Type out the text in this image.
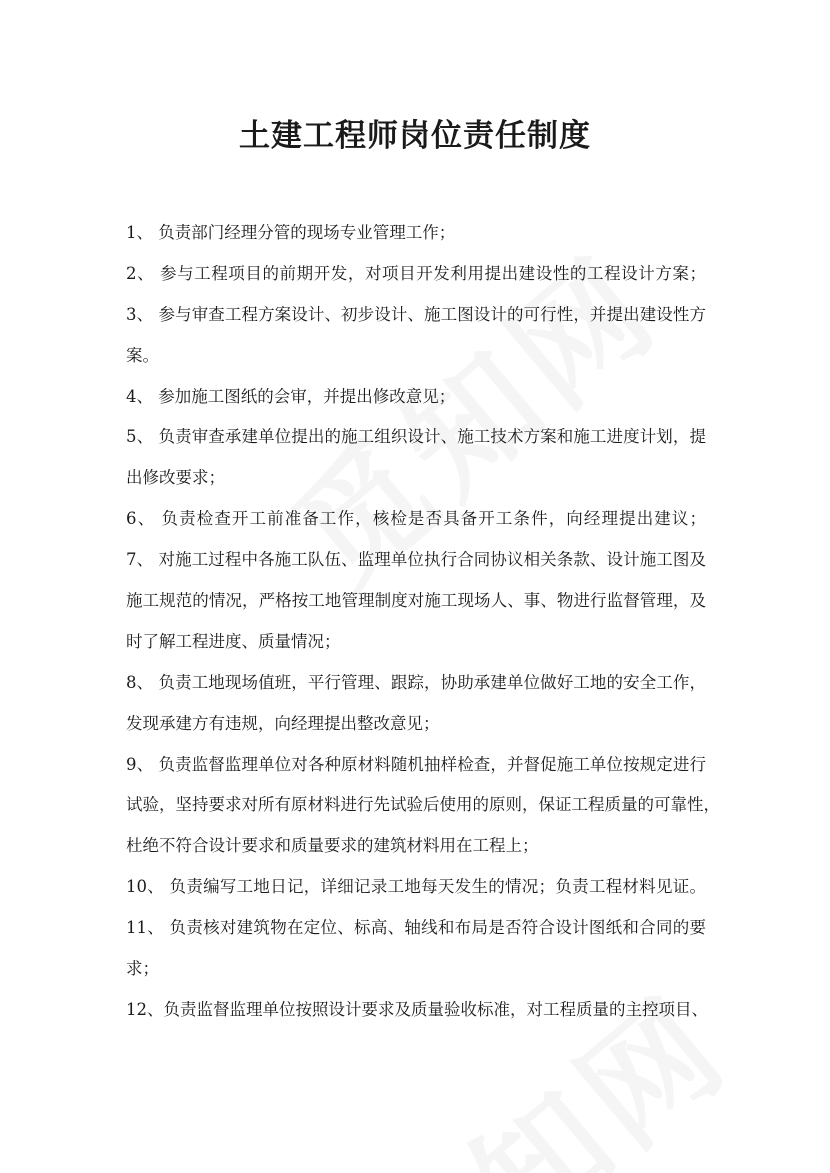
土建工程师岗位责任制度
1、 负责部门经理分管的现场专业管理工作；
2、 参与工程项目的前期开发，对项目开发利用提出建设性的工程设计方案；
3、 参与审查工程方案设计、初步设计、施工图设计的可行性，并提出建设性方
案。
4、 参加施工图纸的会审，并提出修改意见；
5、 负责审查承建单位提出的施工组织设计、施工技术方案和施工进度计划，提
出修改要求；
6、 负责检查开工前准备工作，核检是否具备开工条件，向经理提出建议；
7、 对施工过程中各施工队伍、监理单位执行合同协议相关条款、设计施工图及
施工规范的情况，严格按工地管理制度对施工现场人、事、物进行监督管理，及
时了解工程进度、质量情况；
8、 负责工地现场值班，平行管理、跟踪，协助承建单位做好工地的安全工作，
发现承建方有违规，向经理提出整改意见；
9、 负责监督监理单位对各种原材料随机抽样检查，并督促施工单位按规定进行
试验，坚持要求对所有原材料进行先试验后使用的原则，保证工程质量的可靠性，
杜绝不符合设计要求和质量要求的建筑材料用在工程上；
10、 负责编写工地日记，详细记录工地每天发生的情况；负责工程材料见证。
11、 负责核对建筑物在定位、标高、轴线和布局是否符合设计图纸和合同的要
求；
12、负责监督监理单位按照设计要求及质量验收标准，对工程质量的主控项目、
